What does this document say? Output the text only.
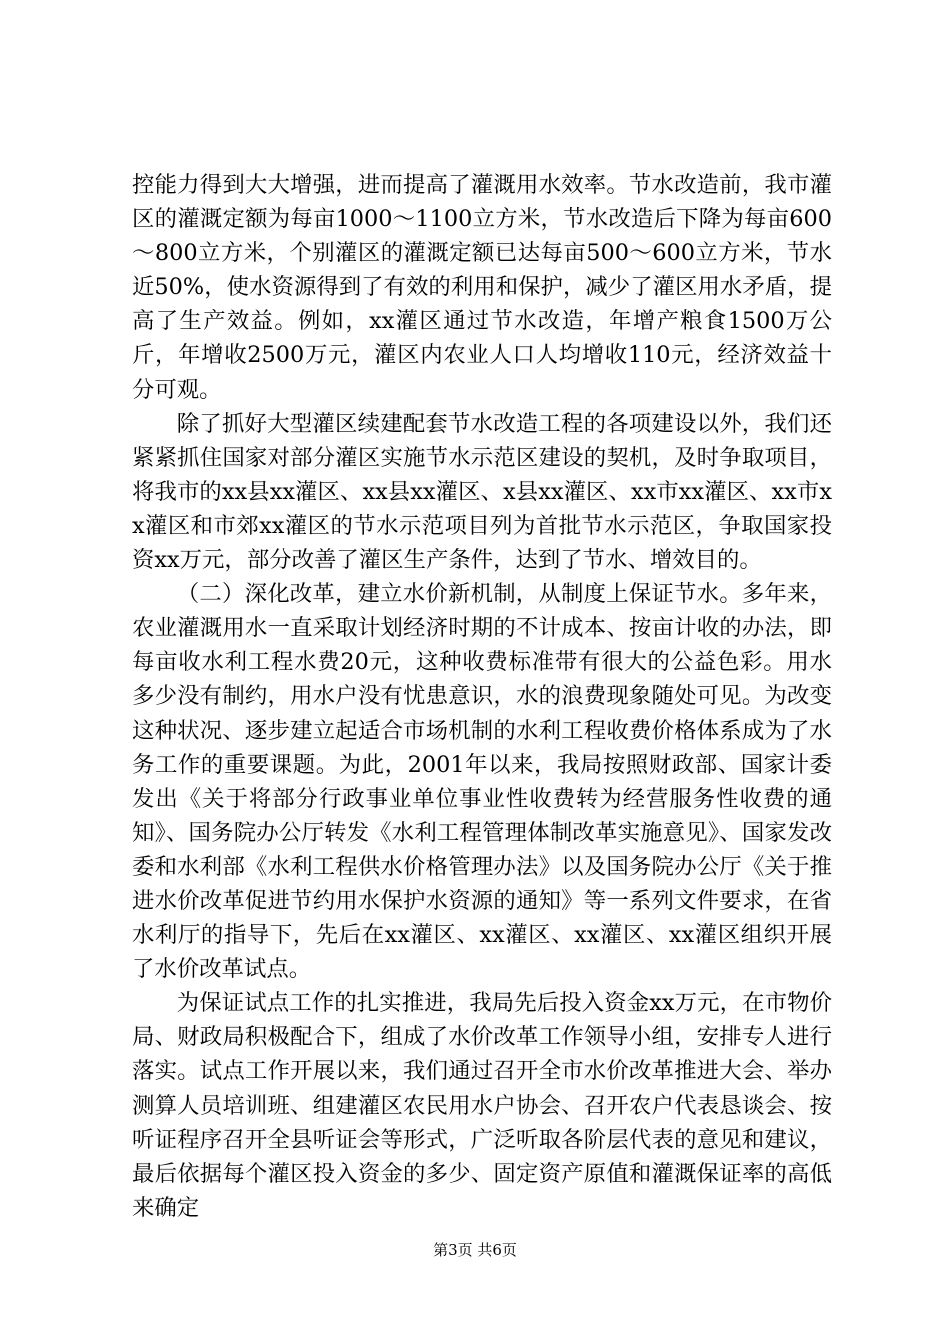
控能力得到大大增强，进而提高了灌溉用水效率。节水改造前，我市灌区的灌溉定额为每亩1000～1100立方米，节水改造后下降为每亩600～800立方米，个别灌区的灌溉定额已达每亩500～600立方米，节水近50%，使水资源得到了有效的利用和保护，减少了灌区用水矛盾，提高了生产效益。例如，xx灌区通过节水改造，年增产粮食1500万公斤，年增收2500万元，灌区内农业人口人均增收110元，经济效益十分可观。

除了抓好大型灌区续建配套节水改造工程的各项建设以外，我们还紧紧抓住国家对部分灌区实施节水示范区建设的契机，及时争取项目，将我市的xx县xx灌区、xx县xx灌区、x县xx灌区、xx市xx灌区、xx市xx灌区和市郊xx灌区的节水示范项目列为首批节水示范区，争取国家投资xx万元，部分改善了灌区生产条件，达到了节水、增效目的。

（二）深化改革，建立水价新机制，从制度上保证节水。多年来，农业灌溉用水一直采取计划经济时期的不计成本、按亩计收的办法，即每亩收水利工程水费20元，这种收费标准带有很大的公益色彩。用水多少没有制约，用水户没有忧患意识，水的浪费现象随处可见。为改变这种状况、逐步建立起适合市场机制的水利工程收费价格体系成为了水务工作的重要课题。为此，2001年以来，我局按照财政部、国家计委发出《关于将部分行政事业单位事业性收费转为经营服务性收费的通知》、国务院办公厅转发《水利工程管理体制改革实施意见》、国家发改委和水利部《水利工程供水价格管理办法》以及国务院办公厅《关于推进水价改革促进节约用水保护水资源的通知》等一系列文件要求，在省水利厅的指导下，先后在xx灌区、xx灌区、xx灌区、xx灌区组织开展了水价改革试点。

为保证试点工作的扎实推进，我局先后投入资金xx万元，在市物价局、财政局积极配合下，组成了水价改革工作领导小组，安排专人进行落实。试点工作开展以来，我们通过召开全市水价改革推进大会、举办测算人员培训班、组建灌区农民用水户协会、召开农户代表恳谈会、按听证程序召开全县听证会等形式，广泛听取各阶层代表的意见和建议，最后依据每个灌区投入资金的多少、固定资产原值和灌溉保证率的高低来确定

第3页 共6页
